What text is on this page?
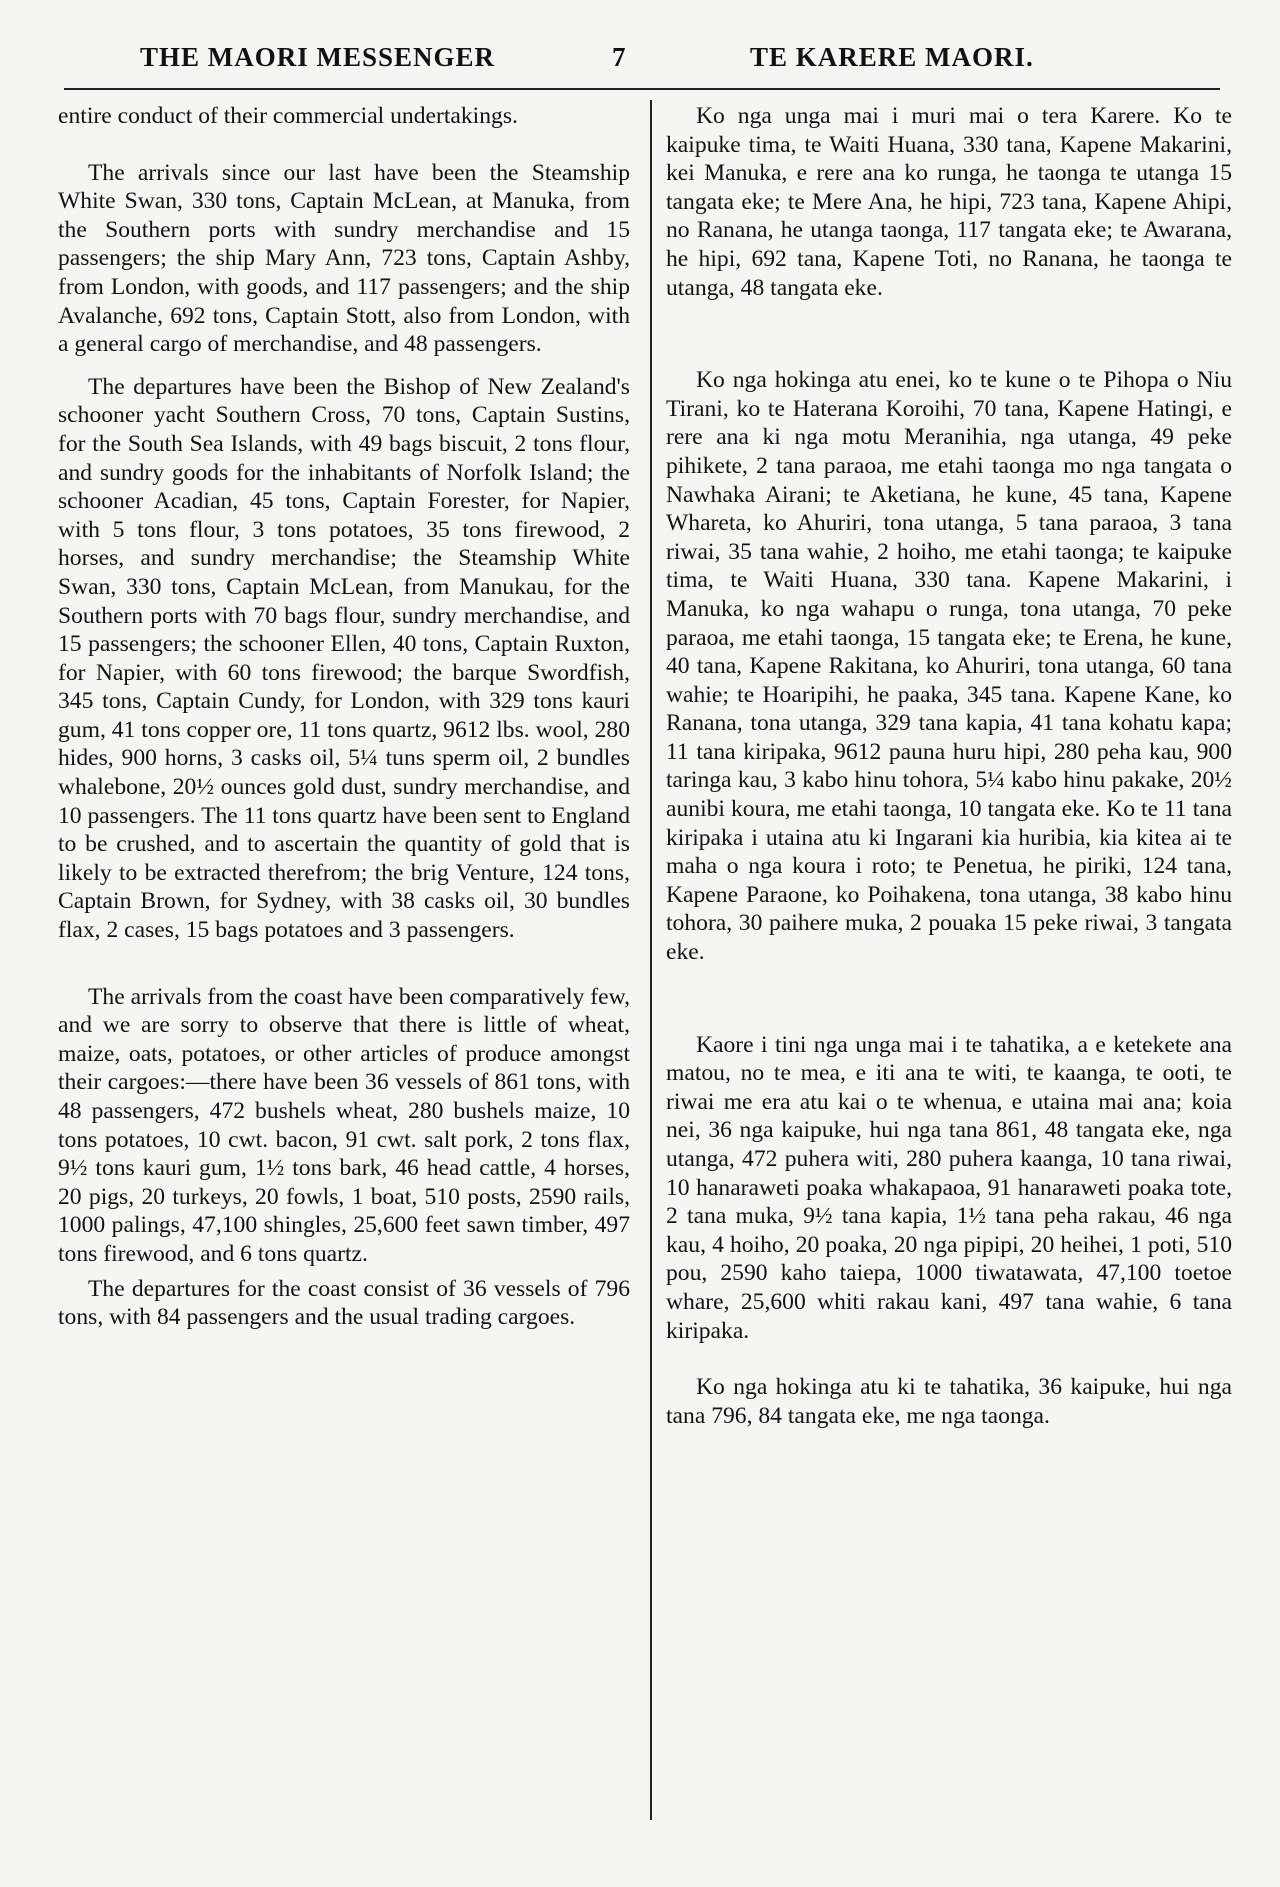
THE MAORI MESSENGER	7	TE KARERE MAORI.

entire conduct of their commercial undertakings.

The arrivals since our last have been the Steamship White Swan, 330 tons, Captain McLean, at Manuka, from the Southern ports with sundry merchandise and 15 passengers; the ship Mary Ann, 723 tons, Captain Ashby, from London, with goods, and 117 passengers; and the ship Avalanche, 692 tons, Captain Stott, also from London, with a general cargo of merchandise, and 48 passengers.

The departures have been the Bishop of New Zealand's schooner yacht Southern Cross, 70 tons, Captain Sustins, for the South Sea Islands, with 49 bags biscuit, 2 tons flour, and sundry goods for the inhabitants of Norfolk Island; the schooner Acadian, 45 tons, Captain Forester, for Napier, with 5 tons flour, 3 tons potatoes, 35 tons firewood, 2 horses, and sundry merchandise; the Steamship White Swan, 330 tons, Captain McLean, from Manukau, for the Southern ports with 70 bags flour, sundry merchandise, and 15 passengers; the schooner Ellen, 40 tons, Captain Ruxton, for Napier, with 60 tons firewood; the barque Swordfish, 345 tons, Captain Cundy, for London, with 329 tons kauri gum, 41 tons copper ore, 11 tons quartz, 9612 lbs. wool, 280 hides, 900 horns, 3 casks oil, 5¼ tuns sperm oil, 2 bundles whalebone, 20½ ounces gold dust, sundry merchandise, and 10 passengers. The 11 tons quartz have been sent to England to be crushed, and to ascertain the quantity of gold that is likely to be extracted therefrom; the brig Venture, 124 tons, Captain Brown, for Sydney, with 38 casks oil, 30 bundles flax, 2 cases, 15 bags potatoes and 3 passengers.

The arrivals from the coast have been comparatively few, and we are sorry to observe that there is little of wheat, maize, oats, potatoes, or other articles of produce amongst their cargoes:—there have been 36 vessels of 861 tons, with 48 passengers, 472 bushels wheat, 280 bushels maize, 10 tons potatoes, 10 cwt. bacon, 91 cwt. salt pork, 2 tons flax, 9½ tons kauri gum, 1½ tons bark, 46 head cattle, 4 horses, 20 pigs, 20 turkeys, 20 fowls, 1 boat, 510 posts, 2590 rails, 1000 palings, 47,100 shingles, 25,600 feet sawn timber, 497 tons firewood, and 6 tons quartz.

The departures for the coast consist of 36 vessels of 796 tons, with 84 passengers and the usual trading cargoes.

Ko nga unga mai i muri mai o tera Karere. Ko te kaipuke tima, te Waiti Huana, 330 tana, Kapene Makarini, kei Manuka, e rere ana ko runga, he taonga te utanga 15 tangata eke; te Mere Ana, he hipi, 723 tana, Kapene Ahipi, no Ranana, he utanga taonga, 117 tangata eke; te Awarana, he hipi, 692 tana, Kapene Toti, no Ranana, he taonga te utanga, 48 tangata eke.

Ko nga hokinga atu enei, ko te kune o te Pihopa o Niu Tirani, ko te Haterana Koroihi, 70 tana, Kapene Hatingi, e rere ana ki nga motu Meranihia, nga utanga, 49 peke pihikete, 2 tana paraoa, me etahi taonga mo nga tangata o Nawhaka Airani; te Aketiana, he kune, 45 tana, Kapene Whareta, ko Ahuriri, tona utanga, 5 tana paraoa, 3 tana riwai, 35 tana wahie, 2 hoiho, me etahi taonga; te kaipuke tima, te Waiti Huana, 330 tana. Kapene Makarini, i Manuka, ko nga wahapu o runga, tona utanga, 70 peke paraoa, me etahi taonga, 15 tangata eke; te Erena, he kune, 40 tana, Kapene Rakitana, ko Ahuriri, tona utanga, 60 tana wahie; te Hoaripihi, he paaka, 345 tana. Kapene Kane, ko Ranana, tona utanga, 329 tana kapia, 41 tana kohatu kapa; 11 tana kiripaka, 9612 pauna huru hipi, 280 peha kau, 900 taringa kau, 3 kabo hinu tohora, 5¼ kabo hinu pakake, 20½ aunibi koura, me etahi taonga, 10 tangata eke. Ko te 11 tana kiripaka i utaina atu ki Ingarani kia huribia, kia kitea ai te maha o nga koura i roto; te Penetua, he piriki, 124 tana, Kapene Paraone, ko Poihakena, tona utanga, 38 kabo hinu tohora, 30 paihere muka, 2 pouaka 15 peke riwai, 3 tangata eke.

Kaore i tini nga unga mai i te tahatika, a e ketekete ana matou, no te mea, e iti ana te witi, te kaanga, te ooti, te riwai me era atu kai o te whenua, e utaina mai ana; koia nei, 36 nga kaipuke, hui nga tana 861, 48 tangata eke, nga utanga, 472 puhera witi, 280 puhera kaanga, 10 tana riwai, 10 hanaraweti poaka whakapaoa, 91 hanaraweti poaka tote, 2 tana muka, 9½ tana kapia, 1½ tana peha rakau, 46 nga kau, 4 hoiho, 20 poaka, 20 nga pipipi, 20 heihei, 1 poti, 510 pou, 2590 kaho taiepa, 1000 tiwatawata, 47,100 toetoe whare, 25,600 whiti rakau kani, 497 tana wahie, 6 tana kiripaka.

Ko nga hokinga atu ki te tahatika, 36 kaipuke, hui nga tana 796, 84 tangata eke, me nga taonga.
